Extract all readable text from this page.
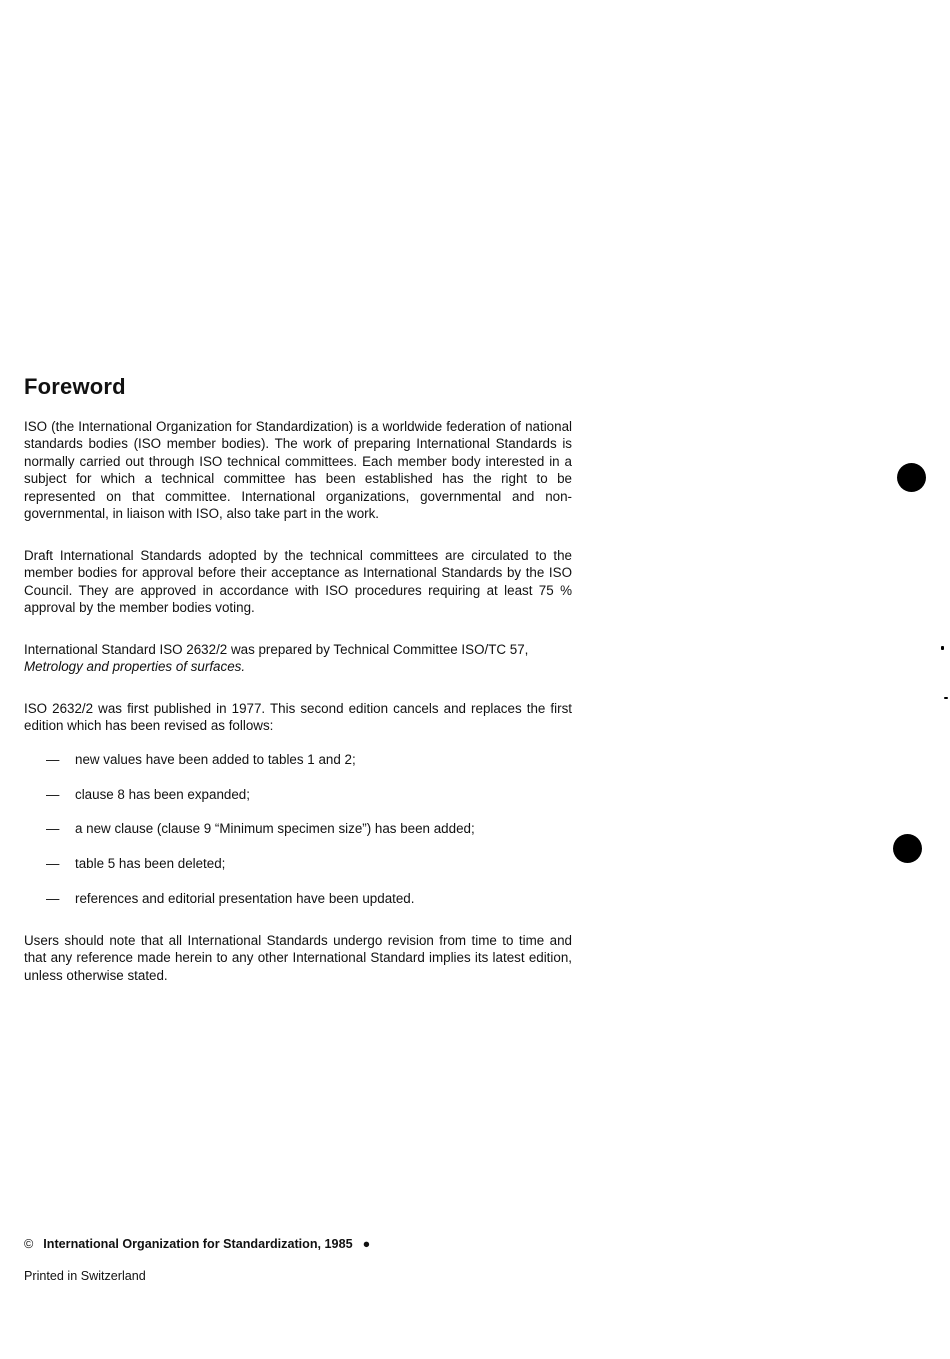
Foreword

ISO (the International Organization for Standardization) is a worldwide federation of national standards bodies (ISO member bodies). The work of preparing International Standards is normally carried out through ISO technical committees. Each member body interested in a subject for which a technical committee has been established has the right to be represented on that committee. International organizations, governmental and non-governmental, in liaison with ISO, also take part in the work.

Draft International Standards adopted by the technical committees are circulated to the member bodies for approval before their acceptance as International Standards by the ISO Council. They are approved in accordance with ISO procedures requiring at least 75 % approval by the member bodies voting.

International Standard ISO 2632/2 was prepared by Technical Committee ISO/TC 57,
Metrology and properties of surfaces.

ISO 2632/2 was first published in 1977. This second edition cancels and replaces the first edition which has been revised as follows:

— new values have been added to tables 1 and 2;
— clause 8 has been expanded;
— a new clause (clause 9 “Minimum specimen size”) has been added;
— table 5 has been deleted;
— references and editorial presentation have been updated.

Users should note that all International Standards undergo revision from time to time and that any reference made herein to any other International Standard implies its latest edition, unless otherwise stated.

© International Organization for Standardization, 1985 ●
Printed in Switzerland
